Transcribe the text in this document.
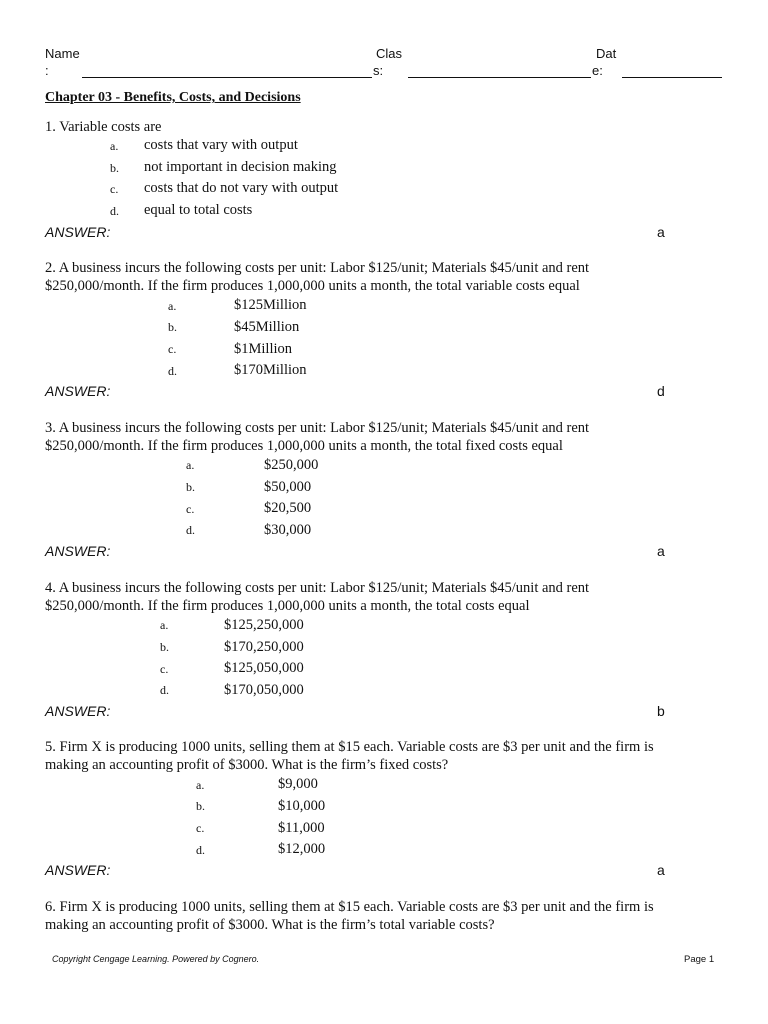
Name
:
Clas
s:
Dat
e:
Chapter 03 - Benefits, Costs, and Decisions
1. Variable costs are
a. costs that vary with output
b. not important in decision making
c. costs that do not vary with output
d. equal to total costs
ANSWER:	a
2. A business incurs the following costs per unit: Labor $125/unit; Materials $45/unit and rent
$250,000/month. If the firm produces 1,000,000 units a month, the total variable costs equal
a.	$125Million
b.	$45Million
c.	$1Million
d.	$170Million
ANSWER:	d
3. A business incurs the following costs per unit: Labor $125/unit; Materials $45/unit and rent
$250,000/month. If the firm produces 1,000,000 units a month, the total fixed costs equal
a.	$250,000
b.	$50,000
c.	$20,500
d.	$30,000
ANSWER:	a
4. A business incurs the following costs per unit: Labor $125/unit; Materials $45/unit and rent
$250,000/month. If the firm produces 1,000,000 units a month, the total costs equal
a.	$125,250,000
b.	$170,250,000
c.	$125,050,000
d.	$170,050,000
ANSWER:	b
5. Firm X is producing 1000 units, selling them at $15 each. Variable costs are $3 per unit and the firm is
making an accounting profit of $3000. What is the firm’s fixed costs?
a.	$9,000
b.	$10,000
c.	$11,000
d.	$12,000
ANSWER:	a
6. Firm X is producing 1000 units, selling them at $15 each. Variable costs are $3 per unit and the firm is
making an accounting profit of $3000. What is the firm’s total variable costs?
Copyright Cengage Learning. Powered by Cognero.	Page 1
